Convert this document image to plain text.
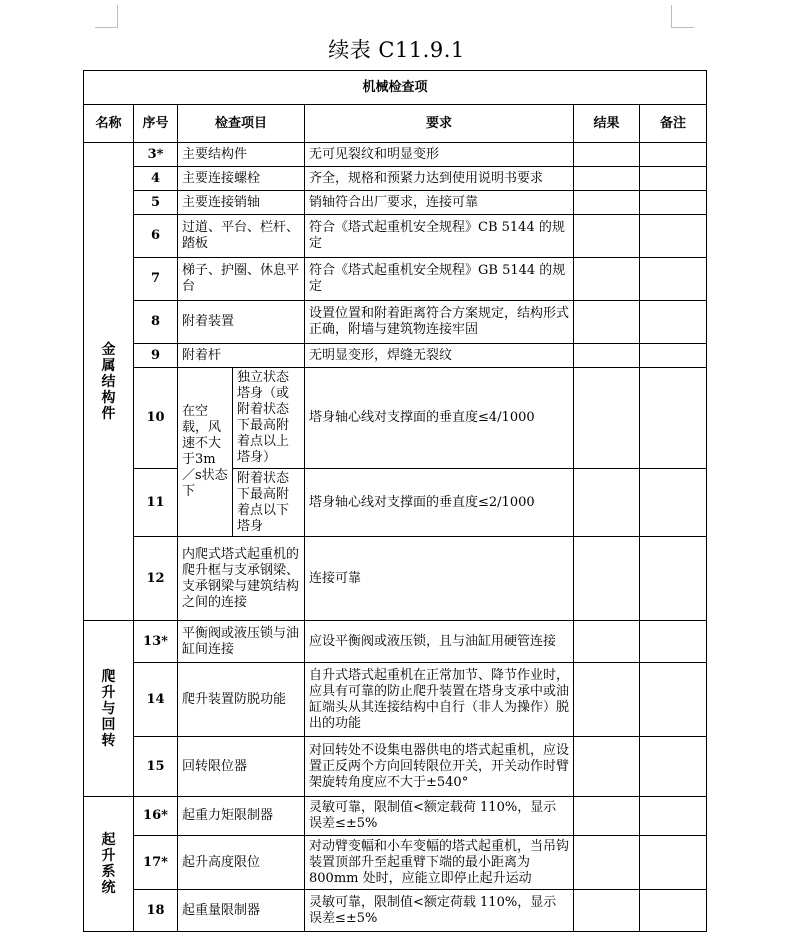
续表 C11.9.1
机械检查项						
名称	序号	检查项目		要求	结果	备注

金
属
结
构
件	3*	主要结构件		无可见裂纹和明显变形		
	4	主要连接螺栓		齐全，规格和预紧力达到使用说明书要求		
	5	主要连接销轴		销轴符合出厂要求，连接可靠		
	6	过道、平台、栏杆、踏板		符合《塔式起重机安全规程》CB 5144 的规定		
	7	梯子、护圈、休息平台		符合《塔式起重机安全规程》GB 5144 的规定		
	8	附着装置		设置位置和附着距离符合方案规定，结构形式正确，附墙与建筑物连接牢固		
	9	附着杆		无明显变形，焊缝无裂纹		
	10	在空载，风速不大于3m／s状态下	独立状态塔身（或附着状态下最高附着点以上塔身）	塔身轴心线对支撑面的垂直度≤4/1000		
	11		附着状态下最高附着点以下塔身	塔身轴心线对支撑面的垂直度≤2/1000		
	12	内爬式塔式起重机的爬升框与支承钢梁、支承钢梁与建筑结构之间的连接		连接可靠		

爬
升
与
回
转	13*	平衡阀或液压锁与油缸间连接		应设平衡阀或液压锁，且与油缸用硬管连接		
	14	爬升装置防脱功能		自升式塔式起重机在正常加节、降节作业时，应具有可靠的防止爬升装置在塔身支承中或油缸端头从其连接结构中自行（非人为操作）脱出的功能		
	15	回转限位器		对回转处不设集电器供电的塔式起重机，应设置正反两个方向回转限位开关，开关动作时臂架旋转角度应不大于±540°		

起
升
系
统	16*	起重力矩限制器		灵敏可靠，限制值<额定载荷 110%，显示误差≤±5%		
	17*	起升高度限位		对动臂变幅和小车变幅的塔式起重机，当吊钩装置顶部升至起重臂下端的最小距离为 800mm 处时，应能立即停止起升运动		
	18	起重量限制器		灵敏可靠，限制值<额定荷载 110%，显示误差≤±5%		
